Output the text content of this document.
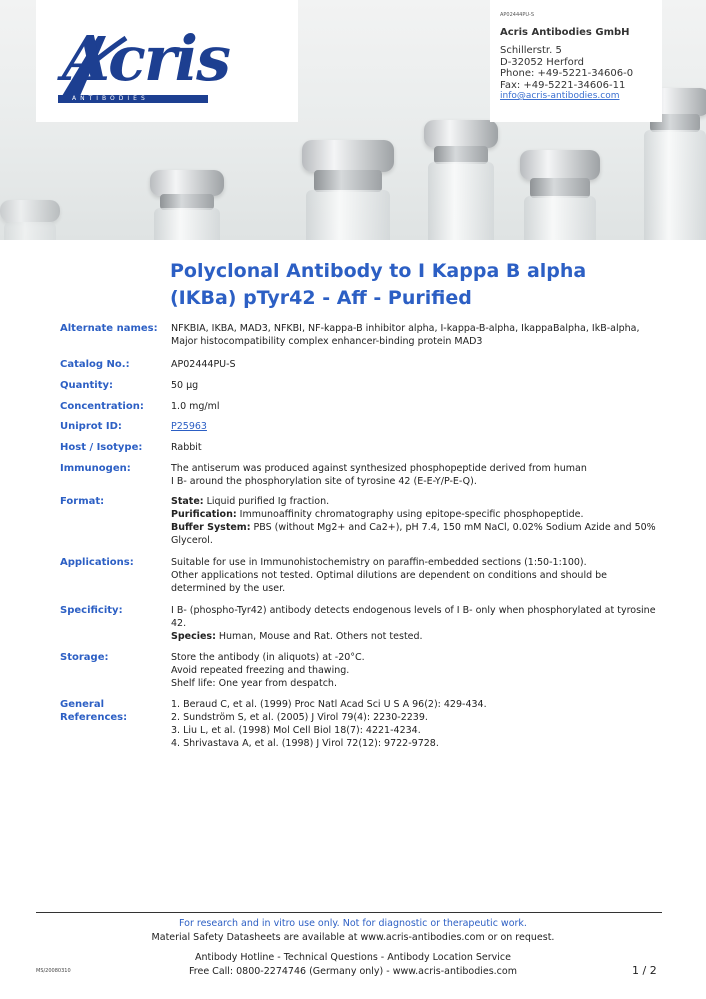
Acris
ANTIBODIES
AP02444PU-S
Acris Antibodies GmbH
Schillerstr. 5
D-32052 Herford
Phone: +49-5221-34606-0
Fax: +49-5221-34606-11
info@acris-antibodies.com
Polyclonal Antibody to I Kappa B alpha
(IKBa) pTyr42 - Aff - Purified
Alternate names:	NFKBIA, IKBA, MAD3, NFKBI, NF-kappa-B inhibitor alpha, I-kappa-B-alpha, IkappaBalpha, IkB-alpha, Major histocompatibility complex enhancer-binding protein MAD3
Catalog No.:	AP02444PU-S
Quantity:	50 µg
Concentration:	1.0 mg/ml
Uniprot ID:	P25963
Host / Isotype:	Rabbit
Immunogen:	The antiserum was produced against synthesized phosphopeptide derived from human
I B- around the phosphorylation site of tyrosine 42 (E-E-Y/P-E-Q).
Format:	State: Liquid purified Ig fraction.
Purification: Immunoaffinity chromatography using epitope-specific phosphopeptide.
Buffer System: PBS (without Mg2+ and Ca2+), pH 7.4, 150 mM NaCl, 0.02% Sodium Azide and 50% Glycerol.
Applications:	Suitable for use in Immunohistochemistry on paraffin-embedded sections (1:50-1:100).
Other applications not tested. Optimal dilutions are dependent on conditions and should be determined by the user.
Specificity:	I B- (phospho-Tyr42) antibody detects endogenous levels of I B- only when phosphorylated at tyrosine 42.
Species: Human, Mouse and Rat. Others not tested.
Storage:	Store the antibody (in aliquots) at -20°C.
Avoid repeated freezing and thawing.
Shelf life: One year from despatch.
General
References:
1. Beraud C, et al. (1999) Proc Natl Acad Sci U S A 96(2): 429-434.
2. Sundström S, et al. (2005) J Virol 79(4): 2230-2239.
3. Liu L, et al. (1998) Mol Cell Biol 18(7): 4221-4234.
4. Shrivastava A, et al. (1998) J Virol 72(12): 9722-9728.
For research and in vitro use only. Not for diagnostic or therapeutic work.
Material Safety Datasheets are available at www.acris-antibodies.com or on request.
Antibody Hotline - Technical Questions - Antibody Location Service
Free Call: 0800-2274746 (Germany only) - www.acris-antibodies.com
MS/20080310	1 / 2
